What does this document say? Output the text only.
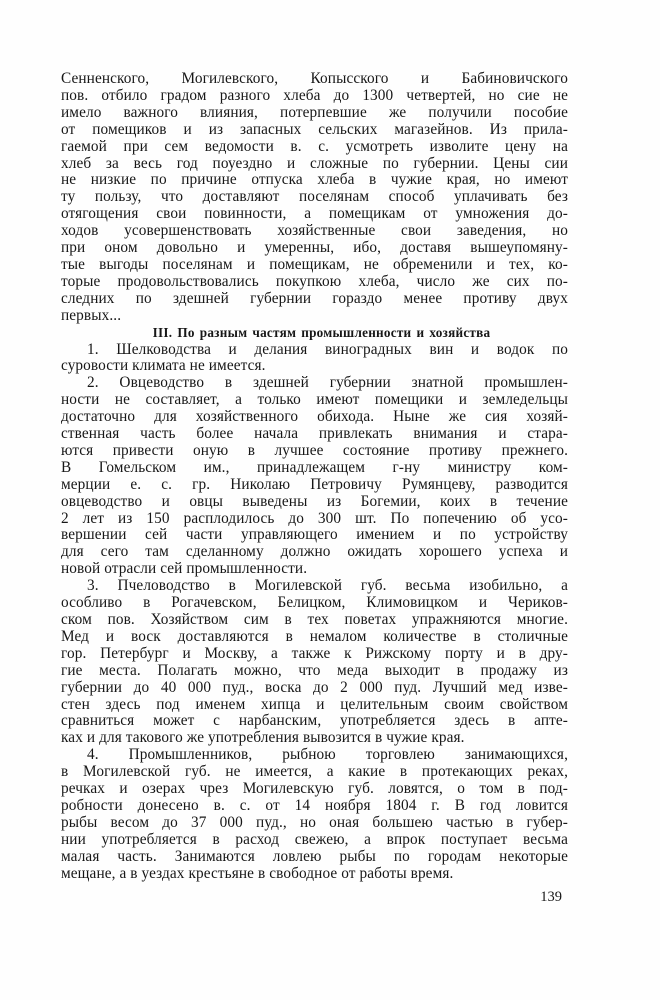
Сенненского, Могилевского, Копысского и Бабиновичского
пов. отбило градом разного хлеба до 1300 четвертей, но сие не
имело важного влияния, потерпевшие же получили пособие
от помещиков и из запасных сельских магазейнов. Из прила-
гаемой при сем ведомости в. с. усмотреть изволите цену на
хлеб за весь год поуездно и сложные по губернии. Цены сии
не низкие по причине отпуска хлеба в чужие края, но имеют
ту пользу, что доставляют поселянам способ уплачивать без
отягощения свои повинности, а помещикам от умножения до-
ходов усовершенствовать хозяйственные свои заведения, но
при оном довольно и умеренны, ибо, доставя вышеупомяну-
тые выгоды поселянам и помещикам, не обременили и тех, ко-
торые продовольствовались покупкою хлеба, число же сих по-
следних по здешней губернии гораздо менее противу двух
первых...
III. По разным частям промышленности и хозяйства
1. Шелководства и делания виноградных вин и водок по
суровости климата не имеется.
2. Овцеводство в здешней губернии знатной промышлен-
ности не составляет, а только имеют помещики и земледельцы
достаточно для хозяйственного обихода. Ныне же сия хозяй-
ственная часть более начала привлекать внимания и стара-
ются привести оную в лучшее состояние противу прежнего.
В Гомельском им., принадлежащем г-ну министру ком-
мерции е. с. гр. Николаю Петровичу Румянцеву, разводится
овцеводство и овцы выведены из Богемии, коих в течение
2 лет из 150 расплодилось до 300 шт. По попечению об усо-
вершении сей части управляющего имением и по устройству
для сего там сделанному должно ожидать хорошего успеха и
новой отрасли сей промышленности.
3. Пчеловодство в Могилевской губ. весьма изобильно, а
особливо в Рогачевском, Белицком, Климовицком и Чериков-
ском пов. Хозяйством сим в тех поветах упражняются многие.
Мед и воск доставляются в немалом количестве в столичные
гор. Петербург и Москву, а также к Рижскому порту и в дру-
гие места. Полагать можно, что меда выходит в продажу из
губернии до 40 000 пуд., воска до 2 000 пуд. Лучший мед изве-
стен здесь под именем хипца и целительным своим свойством
сравниться может с нарбанским, употребляется здесь в апте-
ках и для такового же употребления вывозится в чужие края.
4. Промышленников, рыбною торговлею занимающихся,
в Могилевской губ. не имеется, а какие в протекающих реках,
речках и озерах чрез Могилевскую губ. ловятся, о том в под-
робности донесено в. с. от 14 ноября 1804 г. В год ловится
рыбы весом до 37 000 пуд., но оная большею частью в губер-
нии употребляется в расход свежею, а впрок поступает весьма
малая часть. Занимаются ловлею рыбы по городам некоторые
мещане, а в уездах крестьяне в свободное от работы время.
139
